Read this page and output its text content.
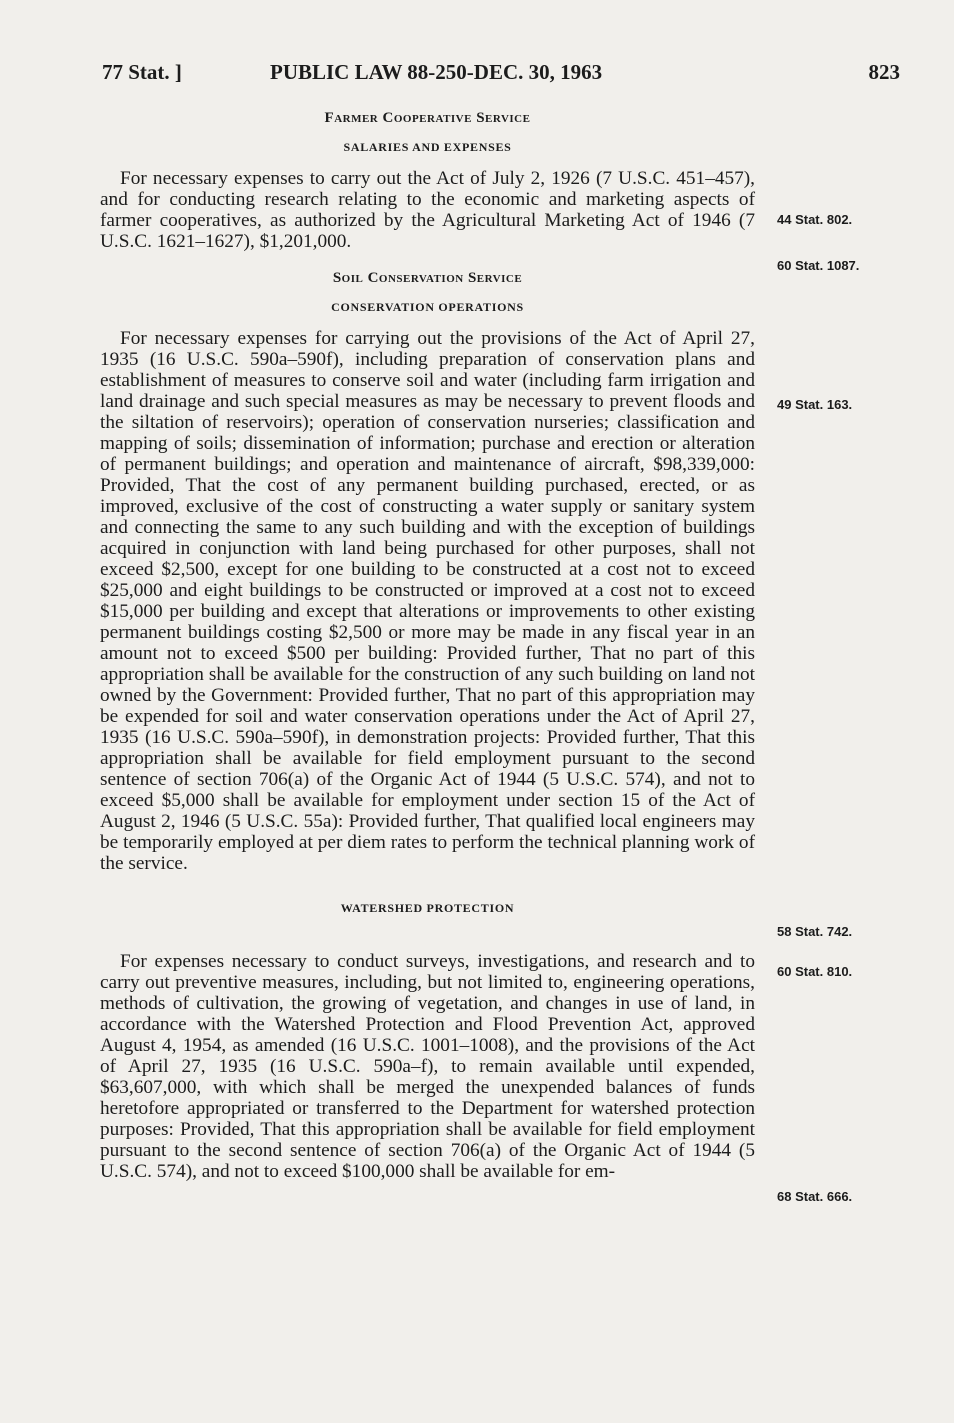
77 Stat. ]	PUBLIC LAW 88-250-DEC. 30, 1963	823
Farmer Cooperative Service
SALARIES AND EXPENSES

For necessary expenses to carry out the Act of July 2, 1926 (7 U.S.C. 451–457), and for conducting research relating to the economic and marketing aspects of farmer cooperatives, as authorized by the Agricultural Marketing Act of 1946 (7 U.S.C. 1621–1627), $1,201,000.

Soil Conservation Service
CONSERVATION OPERATIONS

For necessary expenses for carrying out the provisions of the Act of April 27, 1935 (16 U.S.C. 590a–590f), including preparation of conservation plans and establishment of measures to conserve soil and water (including farm irrigation and land drainage and such special measures as may be necessary to prevent floods and the siltation of reservoirs); operation of conservation nurseries; classification and mapping of soils; dissemination of information; purchase and erection or alteration of permanent buildings; and operation and maintenance of aircraft, $98,339,000: Provided, That the cost of any permanent building purchased, erected, or as improved, exclusive of the cost of constructing a water supply or sanitary system and connecting the same to any such building and with the exception of buildings acquired in conjunction with land being purchased for other purposes, shall not exceed $2,500, except for one building to be constructed at a cost not to exceed $25,000 and eight buildings to be constructed or improved at a cost not to exceed $15,000 per building and except that alterations or improvements to other existing permanent buildings costing $2,500 or more may be made in any fiscal year in an amount not to exceed $500 per building: Provided further, That no part of this appropriation shall be available for the construction of any such building on land not owned by the Government: Provided further, That no part of this appropriation may be expended for soil and water conservation operations under the Act of April 27, 1935 (16 U.S.C. 590a–590f), in demonstration projects: Provided further, That this appropriation shall be available for field employment pursuant to the second sentence of section 706(a) of the Organic Act of 1944 (5 U.S.C. 574), and not to exceed $5,000 shall be available for employment under section 15 of the Act of August 2, 1946 (5 U.S.C. 55a): Provided further, That qualified local engineers may be temporarily employed at per diem rates to perform the technical planning work of the service.

WATERSHED PROTECTION

For expenses necessary to conduct surveys, investigations, and research and to carry out preventive measures, including, but not limited to, engineering operations, methods of cultivation, the growing of vegetation, and changes in use of land, in accordance with the Watershed Protection and Flood Prevention Act, approved August 4, 1954, as amended (16 U.S.C. 1001–1008), and the provisions of the Act of April 27, 1935 (16 U.S.C. 590a–f), to remain available until expended, $63,607,000, with which shall be merged the unexpended balances of funds heretofore appropriated or transferred to the Department for watershed protection purposes: Provided, That this appropriation shall be available for field employment pursuant to the second sentence of section 706(a) of the Organic Act of 1944 (5 U.S.C. 574), and not to exceed $100,000 shall be available for em-

44 Stat. 802.
60 Stat. 1087.
49 Stat. 163.
58 Stat. 742.
60 Stat. 810.
68 Stat. 666.
